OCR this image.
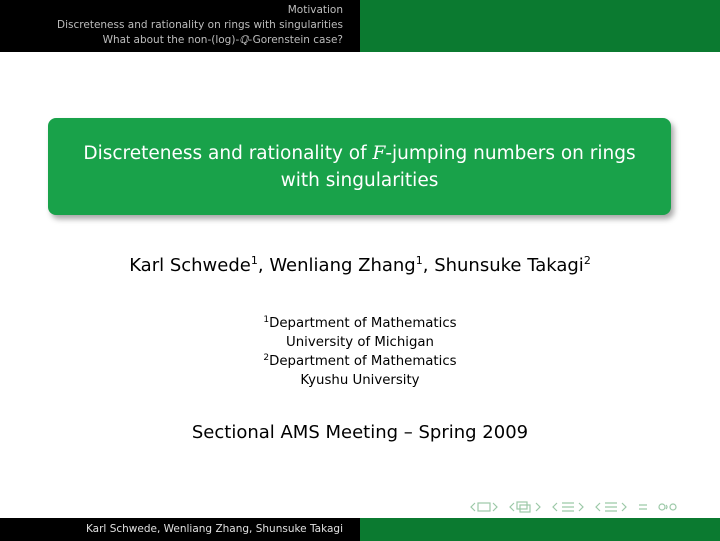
Motivation
Discreteness and rationality on rings with singularities
What about the non-(log)-ℚ-Gorenstein case?
Discreteness and rationality of F-jumping numbers on rings
with singularities
Karl Schwede$^1$, Wenliang Zhang$^1$, Shunsuke Takagi$^2$
$^1$Department of Mathematics
University of Michigan
$^2$Department of Mathematics
Kyushu University
Sectional AMS Meeting – Spring 2009
Karl Schwede, Wenliang Zhang, Shunsuke Takagi
